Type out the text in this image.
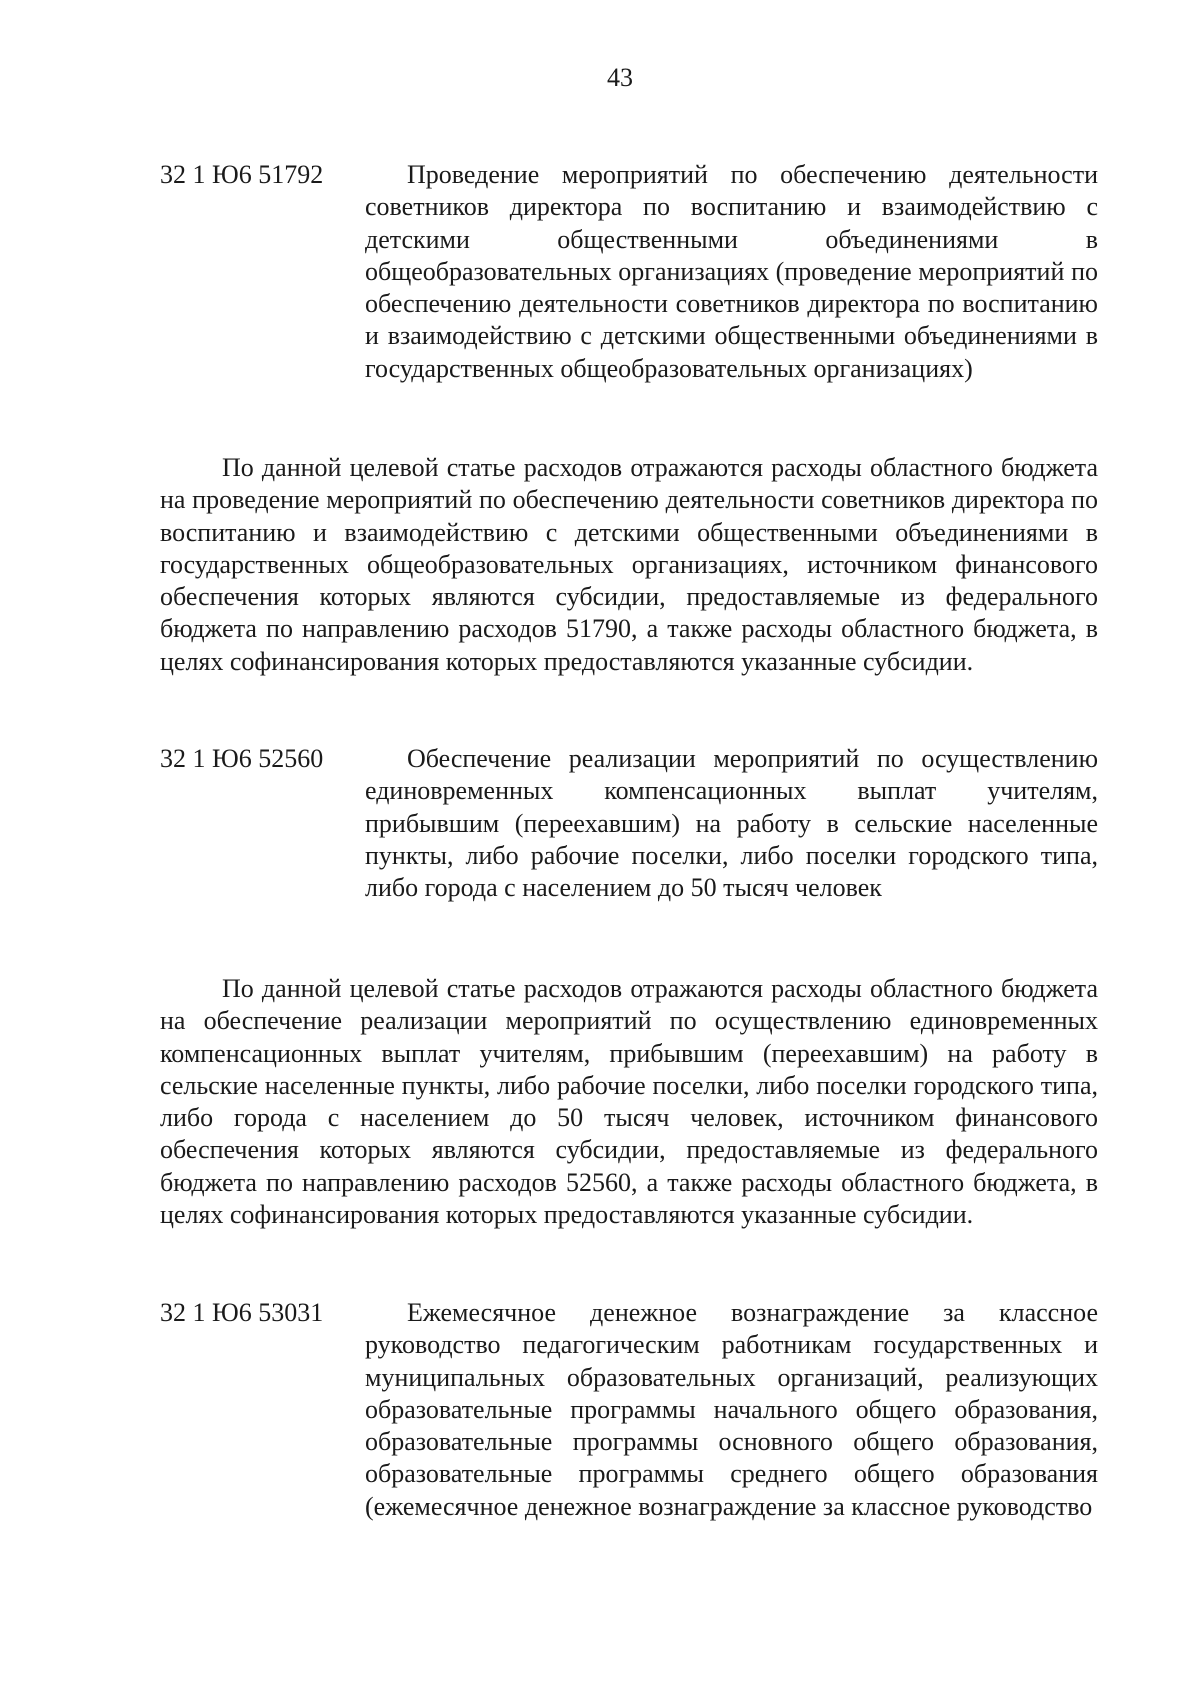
43
32 1 Ю6 51792	Проведение мероприятий по обеспечению деятельности советников директора по воспитанию и взаимодействию с детскими общественными объединениями в общеобразовательных организациях (проведение мероприятий по обеспечению деятельности советников директора по воспитанию и взаимодействию с детскими общественными объединениями в государственных общеобразовательных организациях)

По данной целевой статье расходов отражаются расходы областного бюджета на проведение мероприятий по обеспечению деятельности советников директора по воспитанию и взаимодействию с детскими общественными объединениями в государственных общеобразовательных организациях, источником финансового обеспечения которых являются субсидии, предоставляемые из федерального бюджета по направлению расходов 51790, а также расходы областного бюджета, в целях софинансирования которых предоставляются указанные субсидии.

32 1 Ю6 52560	Обеспечение реализации мероприятий по осуществлению единовременных компенсационных выплат учителям, прибывшим (переехавшим) на работу в сельские населенные пункты, либо рабочие поселки, либо поселки городского типа, либо города с населением до 50 тысяч человек

По данной целевой статье расходов отражаются расходы областного бюджета на обеспечение реализации мероприятий по осуществлению единовременных компенсационных выплат учителям, прибывшим (переехавшим) на работу в сельские населенные пункты, либо рабочие поселки, либо поселки городского типа, либо города с населением до 50 тысяч человек, источником финансового обеспечения которых являются субсидии, предоставляемые из федерального бюджета по направлению расходов 52560, а также расходы областного бюджета, в целях софинансирования которых предоставляются указанные субсидии.

32 1 Ю6 53031	Ежемесячное денежное вознаграждение за классное руководство педагогическим работникам государственных и муниципальных образовательных организаций, реализующих образовательные программы начального общего образования, образовательные программы основного общего образования, образовательные программы среднего общего образования (ежемесячное денежное вознаграждение за классное руководство
